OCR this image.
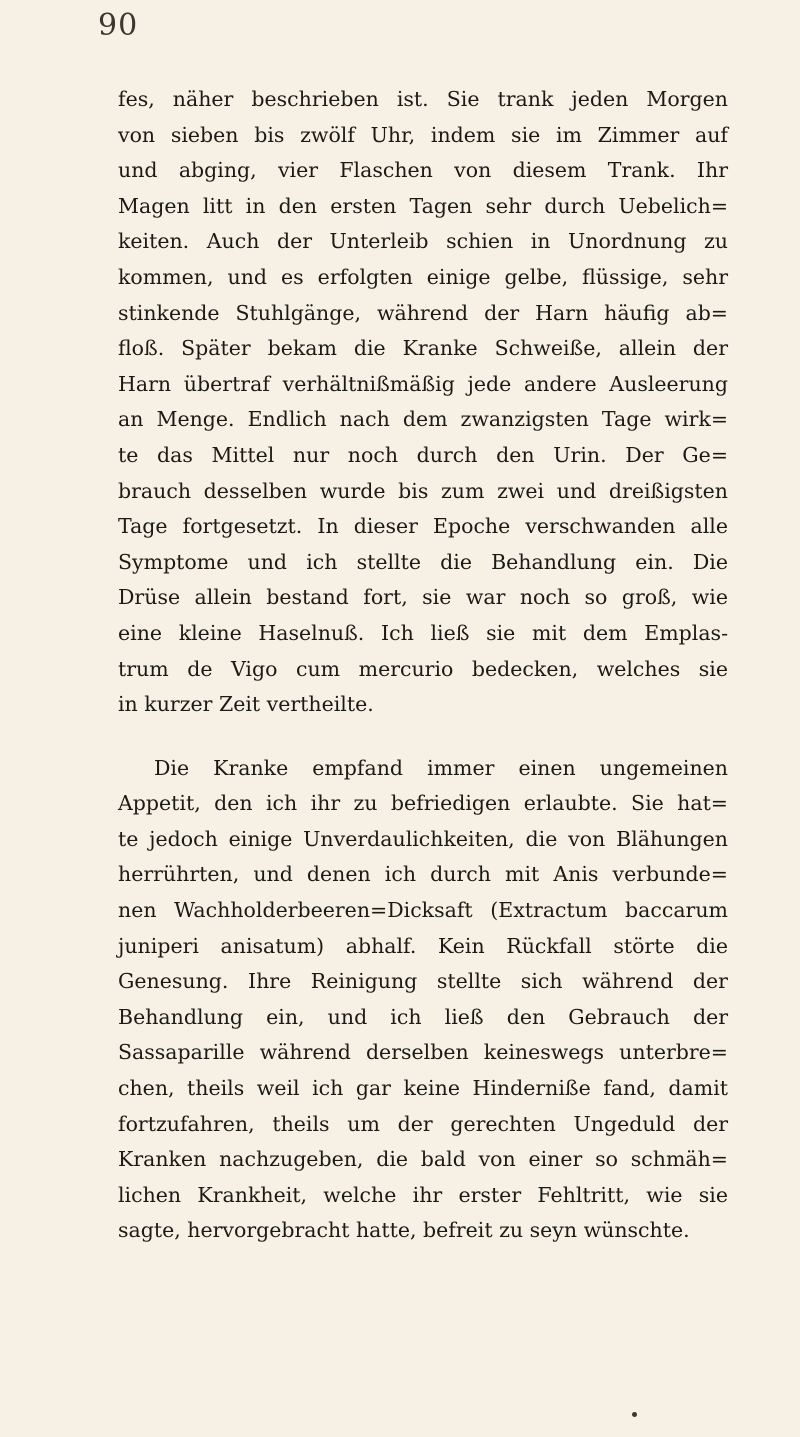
90

fes, näher beschrieben ist. Sie trank jeden Morgen
von sieben bis zwölf Uhr, indem sie im Zimmer auf
und abging, vier Flaschen von diesem Trank. Ihr
Magen litt in den ersten Tagen sehr durch Uebelich=
keiten. Auch der Unterleib schien in Unordnung zu
kommen, und es erfolgten einige gelbe, flüssige, sehr
stinkende Stuhlgänge, während der Harn häufig ab=
floß. Später bekam die Kranke Schweiße, allein der
Harn übertraf verhältnißmäßig jede andere Ausleerung
an Menge. Endlich nach dem zwanzigsten Tage wirk=
te das Mittel nur noch durch den Urin. Der Ge=
brauch desselben wurde bis zum zwei und dreißigsten
Tage fortgesetzt. In dieser Epoche verschwanden alle
Symptome und ich stellte die Behandlung ein. Die
Drüse allein bestand fort, sie war noch so groß, wie
eine kleine Haselnuß. Ich ließ sie mit dem Emplas-
trum de Vigo cum mercurio bedecken, welches sie
in kurzer Zeit vertheilte.

Die Kranke empfand immer einen ungemeinen
Appetit, den ich ihr zu befriedigen erlaubte. Sie hat=
te jedoch einige Unverdaulichkeiten, die von Blähungen
herrührten, und denen ich durch mit Anis verbunde=
nen Wachholderbeeren=Dicksaft (Extractum baccarum
juniperi anisatum) abhalf. Kein Rückfall störte die
Genesung. Ihre Reinigung stellte sich während der
Behandlung ein, und ich ließ den Gebrauch der
Sassaparille während derselben keineswegs unterbre=
chen, theils weil ich gar keine Hinderniße fand, damit
fortzufahren, theils um der gerechten Ungeduld der
Kranken nachzugeben, die bald von einer so schmäh=
lichen Krankheit, welche ihr erster Fehltritt, wie sie
sagte, hervorgebracht hatte, befreit zu seyn wünschte.
